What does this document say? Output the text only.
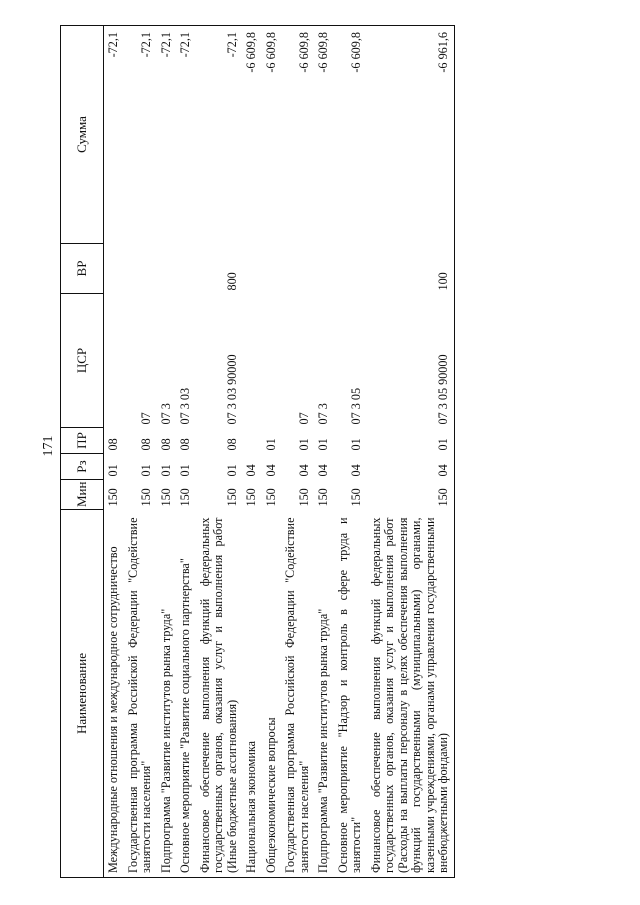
171
Наименование	Мин	Рз	ПР	ЦСР	ВР	Сумма
Международные отношения и международное сотрудничество	150	01	08			-72,1
Государственная программа Российской Федерации "Содействие занятости населения"	150	01	08	07		-72,1
Подпрограмма "Развитие институтов рынка труда"	150	01	08	07 3		-72,1
Основное мероприятие "Развитие социального партнерства"	150	01	08	07 3 03		-72,1
Финансовое обеспечение выполнения функций федеральных государственных органов, оказания услуг и выполнения работ (Иные бюджетные ассигнования)	150	01	08	07 3 03 90000	800	-72,1
Национальная экономика	150	04				-6 609,8
Общеэкономические вопросы	150	04	01			-6 609,8
Государственная программа Российской Федерации "Содействие занятости населения"	150	04	01	07		-6 609,8
Подпрограмма "Развитие институтов рынка труда"	150	04	01	07 3		-6 609,8
Основное мероприятие "Надзор и контроль в сфере труда и занятости"	150	04	01	07 3 05		-6 609,8
Финансовое обеспечение выполнения функций федеральных государственных органов, оказания услуг и выполнения работ (Расходы на выплаты персоналу в целях обеспечения выполнения функций государственными (муниципальными) органами, казенными учреждениями, органами управления государственными внебюджетными фондами)	150	04	01	07 3 05 90000	100	-6 961,6
